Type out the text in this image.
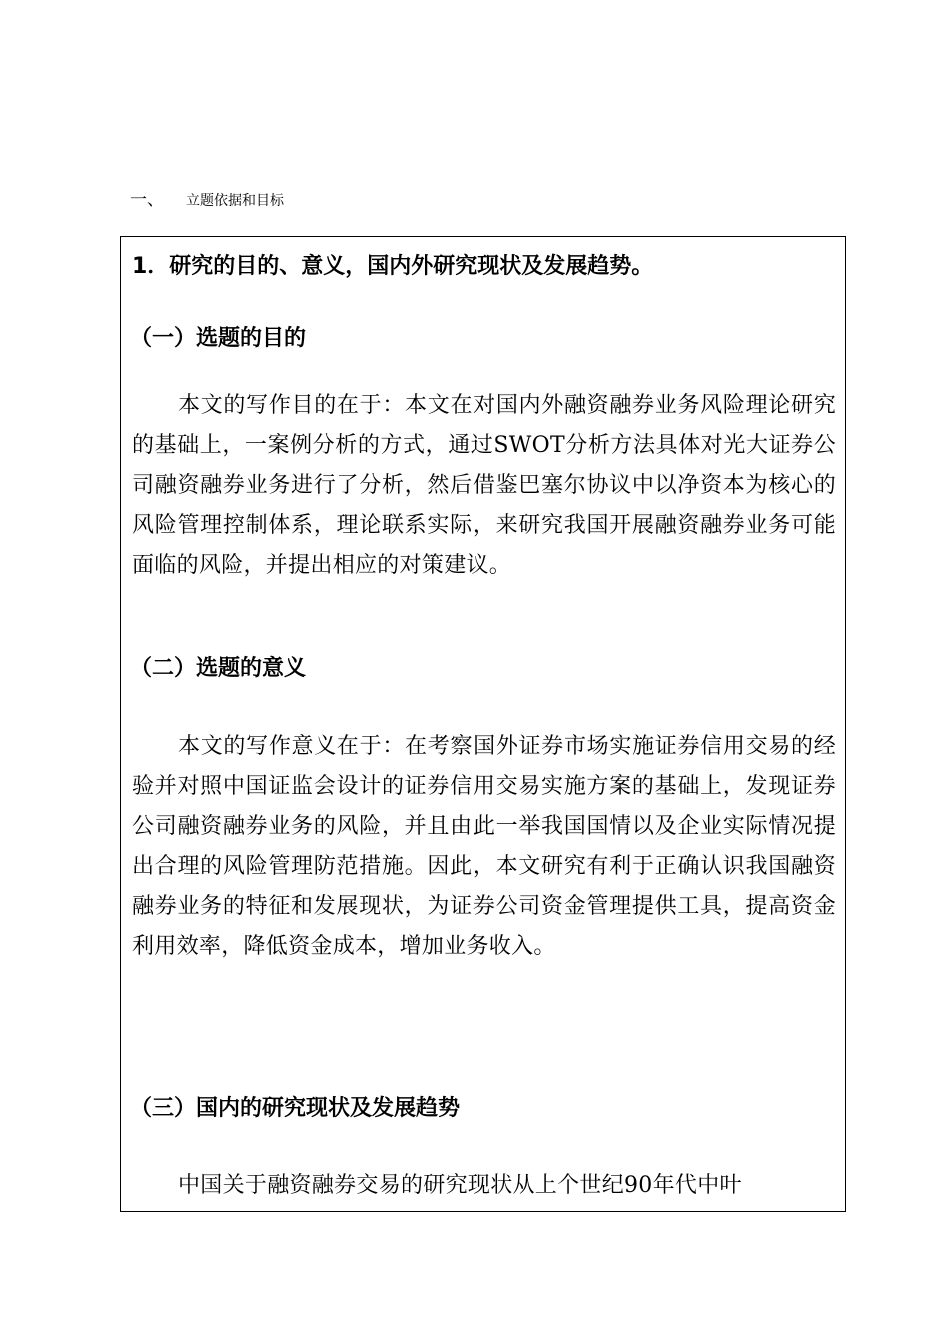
一、 立题依据和目标
1．研究的目的、意义，国内外研究现状及发展趋势。
（一）选题的目的
本文的写作目的在于：本文在对国内外融资融券业务风险理论研究的基础上，一案例分析的方式，通过SWOT分析方法具体对光大证券公司融资融券业务进行了分析，然后借鉴巴塞尔协议中以净资本为核心的风险管理控制体系，理论联系实际，来研究我国开展融资融券业务可能面临的风险，并提出相应的对策建议。
（二）选题的意义
本文的写作意义在于：在考察国外证券市场实施证券信用交易的经验并对照中国证监会设计的证券信用交易实施方案的基础上，发现证券公司融资融券业务的风险，并且由此一举我国国情以及企业实际情况提出合理的风险管理防范措施。因此，本文研究有利于正确认识我国融资融券业务的特征和发展现状，为证券公司资金管理提供工具，提高资金利用效率，降低资金成本，增加业务收入。
（三）国内的研究现状及发展趋势
中国关于融资融券交易的研究现状从上个世纪90年代中叶
